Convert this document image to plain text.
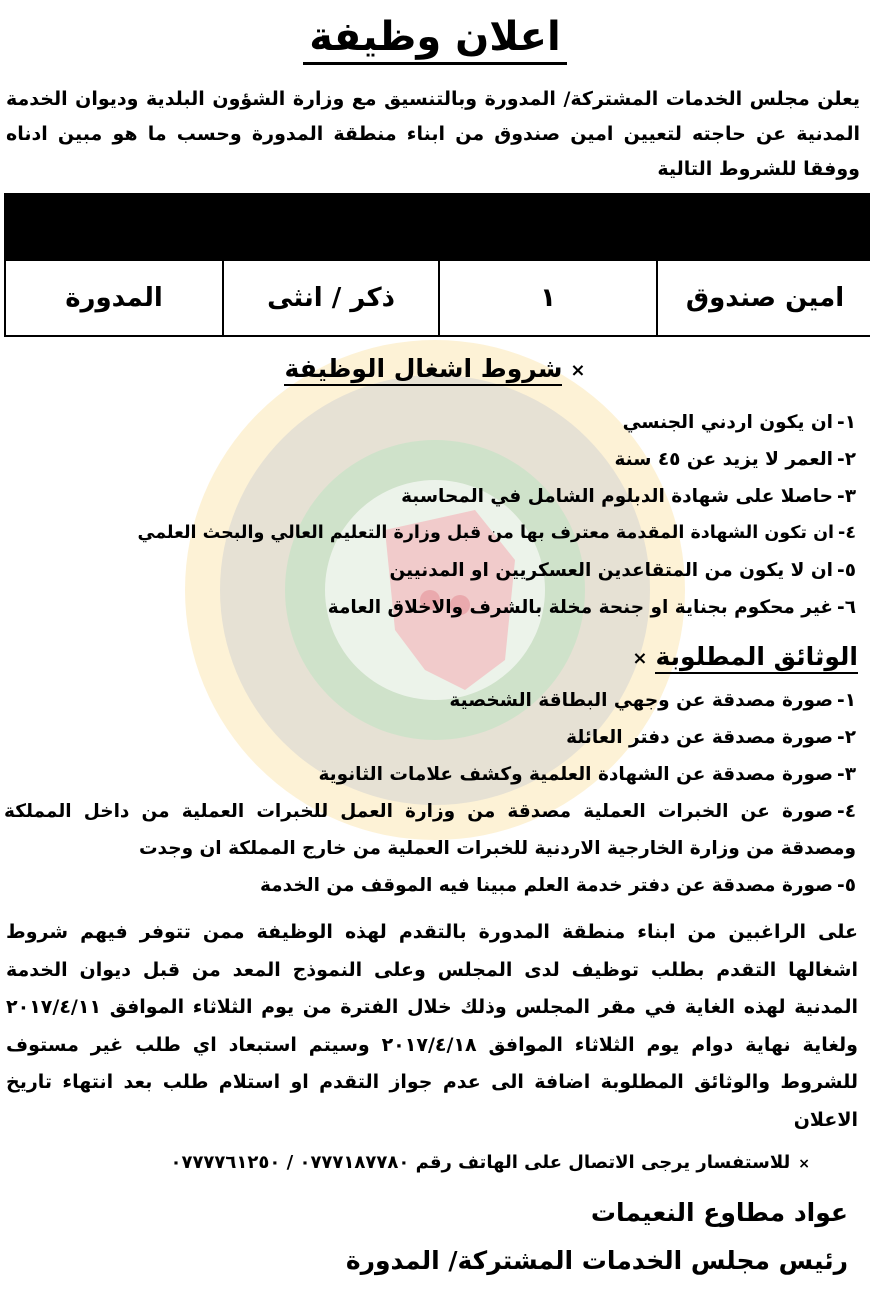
اعلان وظيفة

يعلن مجلس الخدمات المشتركة/ المدورة وبالتنسيق مع وزارة الشؤون البلدية وديوان الخدمة المدنية عن حاجته لتعيين امين صندوق من ابناء منطقة المدورة وحسب ما هو مبين ادناه ووفقا للشروط التالية

امين صندوق	١	ذكر / انثى	المدورة
×شروط اشغال الوظيفة
١-ان يكون اردني الجنسي
٢-العمر لا يزيد عن ٤٥ سنة
٣-حاصلا على شهادة الدبلوم الشامل في المحاسبة
٤-ان تكون الشهادة المقدمة معترف بها من قبل وزارة التعليم العالي والبحث العلمي
٥-ان لا يكون من المتقاعدين العسكريين او المدنيين
٦-غير محكوم بجناية او جنحة مخلة بالشرف والاخلاق العامة
الوثائق المطلوبة×
١-صورة مصدقة عن وجهي البطاقة الشخصية
٢-صورة مصدقة عن دفتر العائلة
٣-صورة مصدقة عن الشهادة العلمية وكشف علامات الثانوية
٤-صورة عن الخبرات العملية مصدقة من وزارة العمل للخبرات العملية من داخل المملكة ومصدقة من وزارة الخارجية الاردنية للخبرات العملية من خارج المملكة ان وجدت
٥-صورة مصدقة عن دفتر خدمة العلم مبينا فيه الموقف من الخدمة

على الراغبين من ابناء منطقة المدورة بالتقدم لهذه الوظيفة ممن تتوفر فيهم شروط اشغالها التقدم بطلب توظيف لدى المجلس وعلى النموذج المعد من قبل ديوان الخدمة المدنية لهذه الغاية في مقر المجلس وذلك خلال الفترة من يوم الثلاثاء الموافق ٢٠١٧/٤/١١ ولغاية نهاية دوام يوم الثلاثاء الموافق ٢٠١٧/٤/١٨ وسيتم استبعاد اي طلب غير مستوف للشروط والوثائق المطلوبة اضافة الى عدم جواز التقدم او استلام طلب بعد انتهاء تاريخ الاعلان

×للاستفسار يرجى الاتصال على الهاتف رقم ٠٧٧٧١٨٧٧٨٠ / ٠٧٧٧٧٦١٢٥٠

عواد مطاوع النعيمات

رئيس مجلس الخدمات المشتركة/ المدورة
